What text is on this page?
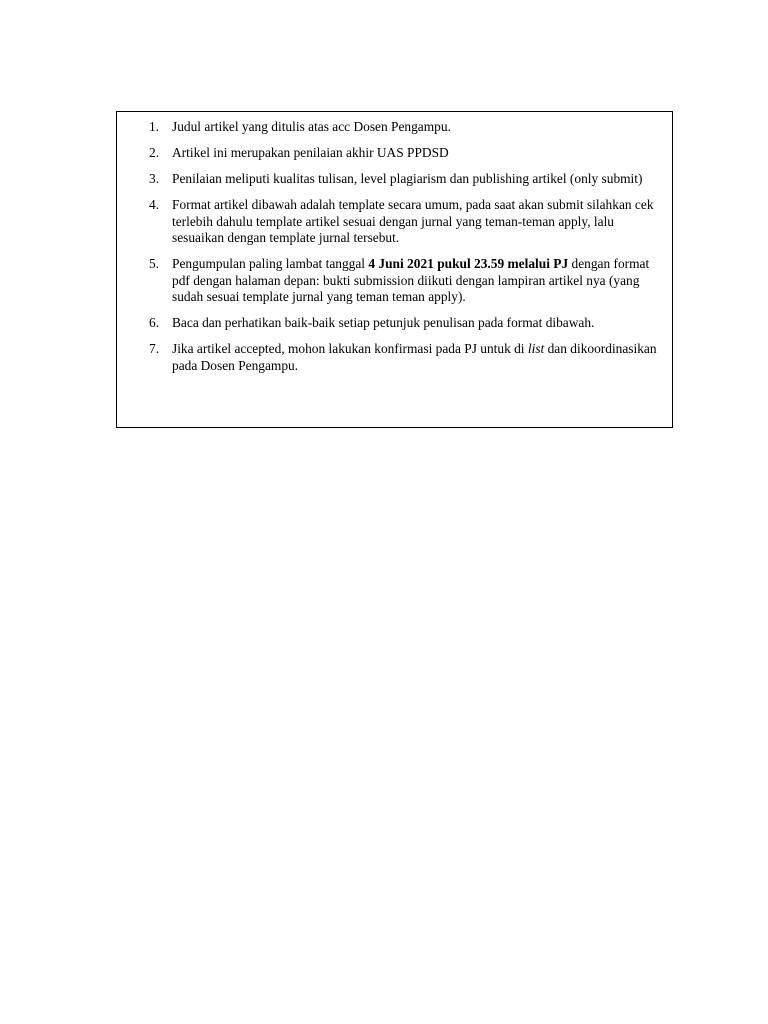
1. Judul artikel yang ditulis atas acc Dosen Pengampu.
2. Artikel ini merupakan penilaian akhir UAS PPDSD
3. Penilaian meliputi kualitas tulisan, level plagiarism dan publishing artikel (only submit)
4. Format artikel dibawah adalah template secara umum, pada saat akan submit silahkan cek terlebih dahulu template artikel sesuai dengan jurnal yang teman-teman apply, lalu sesuaikan dengan template jurnal tersebut.
5. Pengumpulan paling lambat tanggal 4 Juni 2021 pukul 23.59 melalui PJ dengan format pdf dengan halaman depan: bukti submission diikuti dengan lampiran artikel nya (yang sudah sesuai template jurnal yang teman teman apply).
6. Baca dan perhatikan baik-baik setiap petunjuk penulisan pada format dibawah.
7. Jika artikel accepted, mohon lakukan konfirmasi pada PJ untuk di list dan dikoordinasikan pada Dosen Pengampu.
